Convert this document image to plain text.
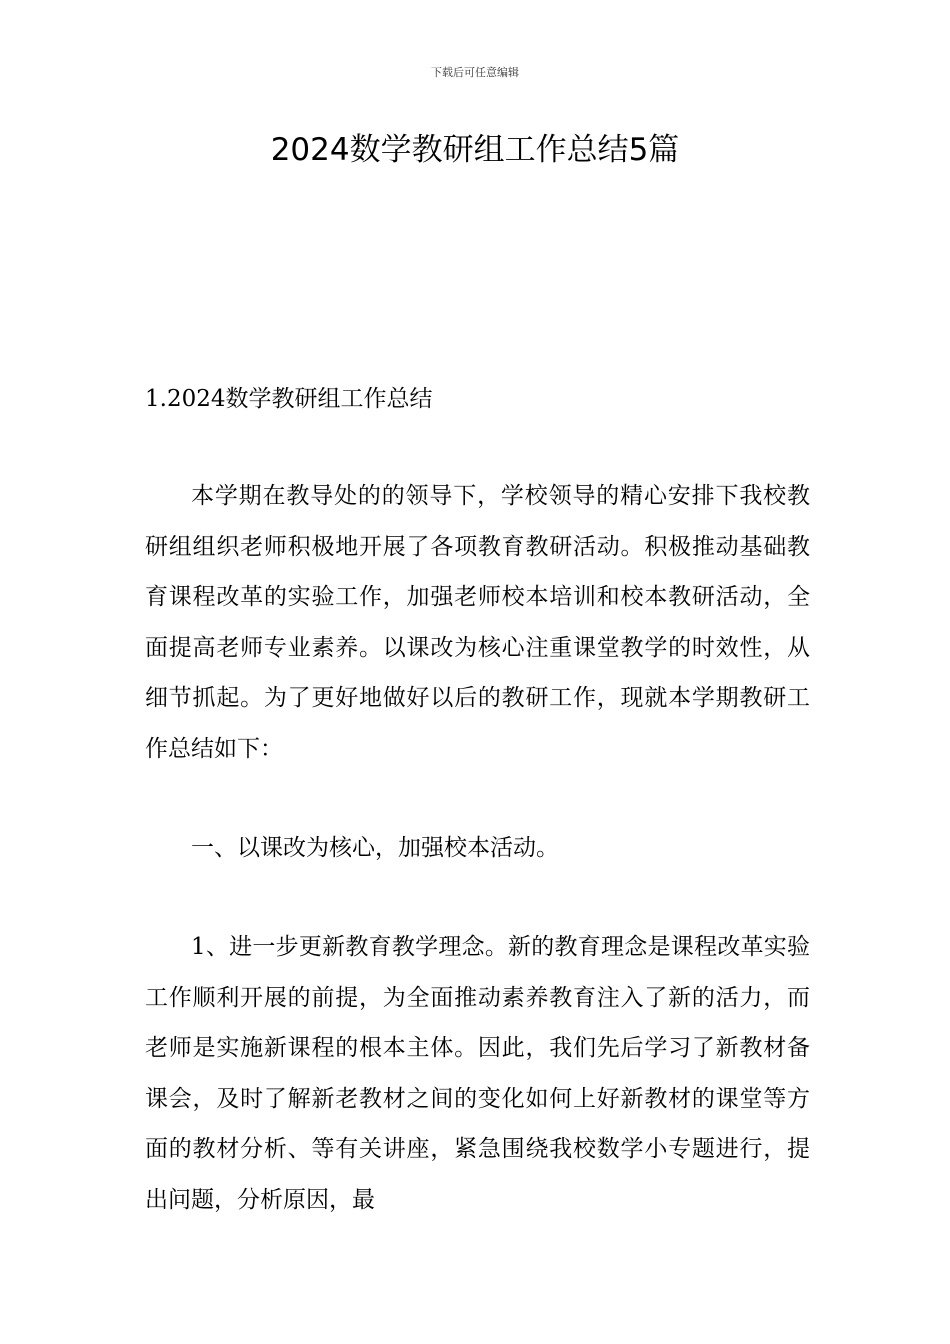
下载后可任意编辑
2024数学教研组工作总结5篇

1.2024数学教研组工作总结

本学期在教导处的的领导下，学校领导的精心安排下我校教研组组织老师积极地开展了各项教育教研活动。积极推动基础教育课程改革的实验工作，加强老师校本培训和校本教研活动，全面提高老师专业素养。以课改为核心注重课堂教学的时效性，从细节抓起。为了更好地做好以后的教研工作，现就本学期教研工作总结如下：

一、以课改为核心，加强校本活动。

1、进一步更新教育教学理念。新的教育理念是课程改革实验工作顺利开展的前提，为全面推动素养教育注入了新的活力，而老师是实施新课程的根本主体。因此，我们先后学习了新教材备课会，及时了解新老教材之间的变化如何上好新教材的课堂等方面的教材分析、等有关讲座，紧急围绕我校数学小专题进行，提出问题，分析原因，最
